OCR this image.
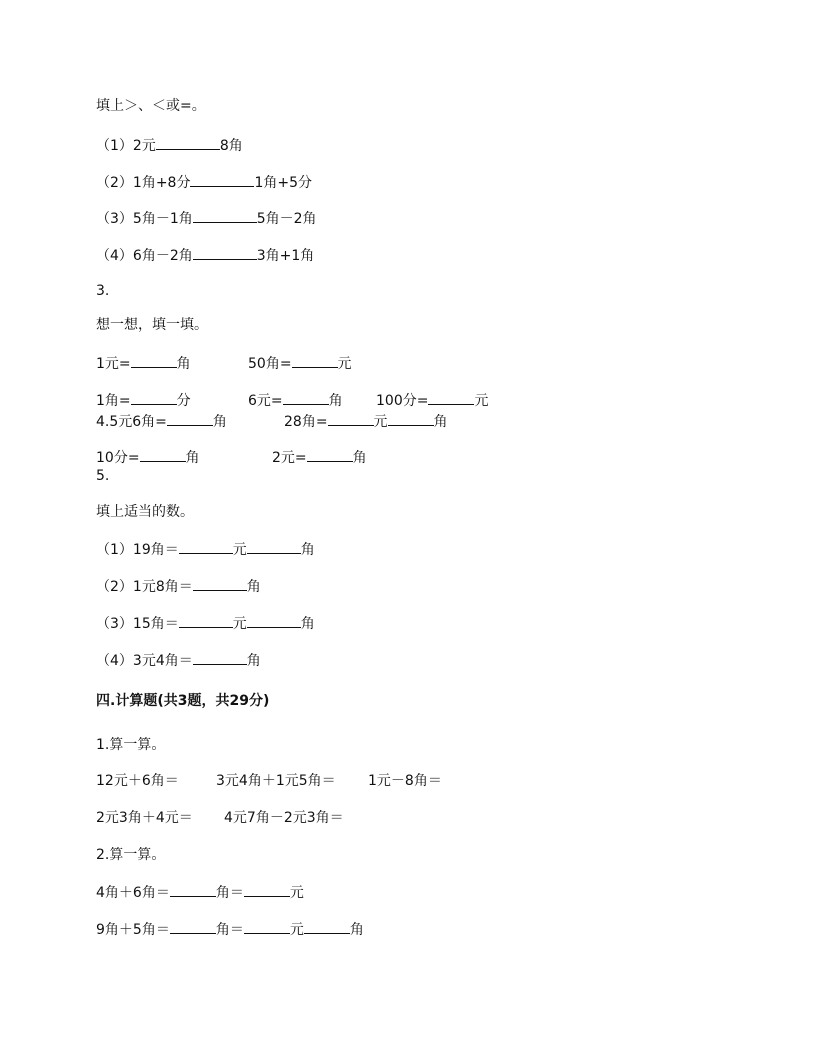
填上＞、＜或=。
（1）2元	8角
（2）1角+8分	1角+5分
（3）5角－1角	5角－2角
（4）6角－2角	3角+1角
3.
想一想，填一填。
1元=	角	50角=	元
1角=	分	6元=	角 100分=	元
4.5元6角=	角	28角=	元	角
10分=	角	2元=	角
5.
填上适当的数。
（1）19角＝	元	角
（2）1元8角＝	角
（3）15角＝	元	角
（4）3元4角＝	角
四.计算题(共3题，共29分)
1.算一算。
12元＋6角＝	3元4角＋1元5角＝ 1元－8角＝
2元3角＋4元＝ 4元7角－2元3角＝
2.算一算。
4角＋6角＝	角＝	元
9角＋5角＝	角＝	元	角
